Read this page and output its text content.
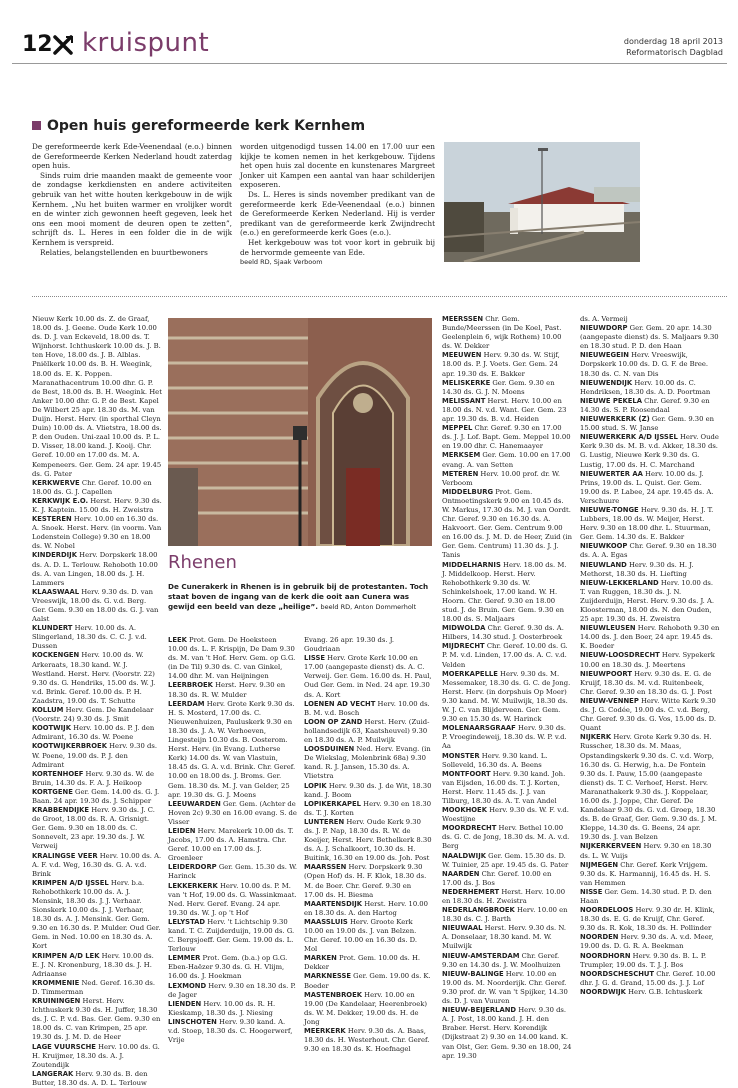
12 kruispunt	donderdag 18 april 2013
Reformatorisch Dagblad
Open huis gereformeerde kerk Kernhem

De gereformeerde kerk Ede-Veenendaal (e.o.) binnen de Gereformeerde Kerken Nederland houdt zaterdag open huis.

Sinds ruim drie maanden maakt de gemeente voor de zondagse kerkdiensten en andere activiteiten gebruik van het witte houten kerkgebouw in de wijk Kernhem. „Nu het buiten warmer en vrolijker wordt en de winter zich gewonnen heeft gegeven, leek het ons een mooi moment de deuren open te zetten”, schrijft ds. L. Heres in een folder die in de wijk Kernhem is verspreid.

Relaties, belangstellenden en buurtbewoners

worden uitgenodigd tussen 14.00 en 17.00 uur een kijkje te komen nemen in het kerkgebouw. Tijdens het open huis zal docente en kunstenares Margreet Jonker uit Kampen een aantal van haar schilderijen exposeren.

Ds. L. Heres is sinds november predikant van de gereformeerde kerk Ede-Veenendaal (e.o.) binnen de Gereformeerde Kerken Nederland. Hij is verder predikant van de gereformeerde kerk Zwijndrecht (e.o.) en gereformeerde kerk Goes (e.o.).

Het kerkgebouw was tot voor kort in gebruik bij de hervormde gemeente van Ede.

beeld RD, Sjaak Verboom

Nieuw Kerk 10.00 ds. Z. de Graaf, 18.00 ds. J. Geene. Oude Kerk 10.00 ds. D. J. van Eckeveld, 18.00 ds. T. Wijnhorst. Ichthuskerk 10.00 ds. J. B. ten Hove, 18.00 ds. J. B. Alblas. Pniëlkerk 10.00 ds. B. H. Weegink, 18.00 ds. E. K. Poppen. Maranathacentrum 10.00 dhr. G. P. de Best, 18.00 ds. B. H. Weegink. Het Anker 10.00 dhr. G. P. de Best. Kapel De Wilbert 25 apr. 18.30 ds. M. van Duijn. Herst. Herv. (in sporthal Cleyn Duin) 10.00 ds. A. Vlietstra, 18.00 ds. P. den Ouden. Uni-zaal 10.00 ds. P. L. D. Visser, 18.00 kand. J. Kooij. Chr. Geref. 10.00 en 17.00 ds. M. A. Kempeneers. Ger. Gem. 24 apr. 19.45 ds. G. Pater

KERKWERVE Chr. Geref. 10.00 en 18.00 ds. G. J. Capellen

KERKWIJK E.O. Herst. Herv. 9.30 ds. K. J. Kaptein. 15.00 ds. H. Zweistra

KESTEREN Herv. 10.00 en 16.30 ds. A. Snoek. Herst. Herv. (in voorm. Van Lodenstein College) 9.30 en 18.00 ds. W. Nobel

KINDERDIJK Herv. Dorpskerk 18.00 ds. A. D. L. Terlouw. Rehoboth 10.00 ds. A. van Lingen, 18.00 ds. J. H. Lammers

KLAASWAAL Herv. 9.30 ds. D. van Vreeswijk, 18.00 ds. G. v.d. Berg. Ger. Gem. 9.30 en 18.00 ds. G. J. van Aalst

KLUNDERT Herv. 10.00 ds. A. Slingerland, 18.30 ds. C. C. J. v.d. Dussen

KOCKENGEN Herv. 10.00 ds. W. Arkeraats, 18.30 kand. W. J. Westland. Herst. Herv. (Voorstr. 22) 9.30 ds. G. Hendriks, 15.00 ds. W. J. v.d. Brink. Geref. 10.00 ds. P. H. Zaadstra, 19.00 ds. T. Schutte

KOLLUM Herv. Gem. De Kandelaar (Voorstr. 24) 9.30 ds. J. Smit

KOOTWIJK Herv. 10.00 ds. P. J. den Admirant, 16.30 ds. W. Poene

KOOTWIJKERBROEK Herv. 9.30 ds. W. Poene, 19.00 ds. P. J. den Admirant

KORTENHOEF Herv. 9.30 ds. W. de Bruin, 14.30 ds. F. A. J. Heikoop

KORTGENE Ger. Gem. 14.00 ds. G. J. Baan. 24 apr. 19.30 ds. J. Schipper

KRABBENDIJKE Herv. 9.30 ds. J. C. de Groot, 18.00 ds. R. A. Grisnigt. Ger. Gem. 9.30 en 18.00 ds. C. Sonnevelt, 23 apr. 19.30 ds. J. W. Verweij

KRALINGSE VEER Herv. 10.00 ds. A. A. F. v.d. Weg, 16.30 ds. G. A. v.d. Brink

KRIMPEN A/D IJSSEL Herv. b.a. Rehobothkerk 10.00 ds. A. J. Mensink, 18.30 ds. J. J. Verhaar. Sionskerk 10.00 ds. J. J. Verhaar, 18.30 ds. A. J. Mensink. Ger. Gem. 9.30 en 16.30 ds. P. Mulder. Oud Ger. Gem. in Ned. 10.00 en 18.30 ds. A. Kort

KRIMPEN A/D LEK Herv. 10.00 ds. E. J. N. Kronenburg, 18.30 ds. J. H. Adriaanse

KROMMENIE Ned. Geref. 16.30 ds. D. Timmerman

KRUININGEN Herst. Herv. Ichthuskerk 9.30 ds. H. Juffer, 18.30 ds. J. C. P. v.d. Bas. Ger. Gem. 9.30 en 18.00 ds. C. van Krimpen, 25 apr. 19.30 ds. J. M. D. de Heer

LAGE VUURSCHE Herv. 10.00 ds. G. H. Kruijmer, 18.30 ds. A. J. Zoutendijk

LANGERAK Herv. 9.30 ds. B. den Butter, 18.30 ds. A. D. L. Terlouw

Rhenen
De Cunerakerk in Rhenen is in gebruik bij de protestanten. Toch staat boven de ingang van de kerk die ooit aan Cunera was gewijd een beeld van deze „heilige”. beeld RD, Anton Dommerholt

LEEK Prot. Gem. De Hoeksteen 10.00 ds. L. F. Krispijn, De Dam 9.30 ds. M. van 't Hof. Herv. Gem. op G.G. (in De Til) 9.30 ds. C. van Ginkel, 14.00 dhr. M. van Heijningen

LEERBROEK Herst. Herv. 9.30 en 18.30 ds. R. W. Mulder

LEERDAM Herv. Grote Kerk 9.30 ds. H. S. Mosterd, 17.00 ds. C. Nieuwenhuizen, Pauluskerk 9.30 en 18.30 ds. J. A. W. Verhoeven, Lingesteijn 10.30 ds. B. Oosterom. Herst. Herv. (in Evang. Lutherse Kerk) 14.00 ds. W. van Vlastuin, 18.45 ds. G. A. v.d. Brink. Chr. Geref. 10.00 en 18.00 ds. J. Broms. Ger. Gem. 18.30 ds. M. J. van Gelder, 25 apr. 19.30 ds. G. J. Moens

LEEUWARDEN Ger. Gem. (Achter de Hoven 2c) 9.30 en 16.00 evang. S. de Visser

LEIDEN Herv. Marekerk 10.00 ds. T. Jacobs, 17.00 ds. A. Hamstra. Chr. Geref. 10.00 en 17.00 ds. J. Groenleer

LEIDERDORP Ger. Gem. 15.30 ds. W. Harinck

LEKKERKERK Herv. 10.00 ds. P. M. van 't Hof, 19.00 ds. G. Wassinkmaat. Ned. Herv. Geref. Evang. 24 apr. 19.30 ds. W. J. op 't Hof

LELYSTAD Herv. 't Lichtschip 9.30 kand. T. C. Zuijderduijn, 19.00 ds. G. C. Bergsjoeff. Ger. Gem. 19.00 ds. L. Terlouw

LEMMER Prot. Gem. (b.a.) op G.G. Eben-Haëzer 9.30 ds. G. H. Vlijm, 16.00 ds. J. Hoekman

LEXMOND Herv. 9.30 en 18.30 ds. P. de Jager

LIENDEN Herv. 10.00 ds. R. H. Kieskamp, 18.30 ds. J. Niesing

LINSCHOTEN Herv. 9.30 kand. A. v.d. Stoep, 18.30 ds. C. Hoogerwerf, Vrije

Evang. 26 apr. 19.30 ds. J. Goudriaan

LISSE Herv. Grote Kerk 10.00 en 17.00 (aangepaste dienst) ds. A. C. Verweij. Ger. Gem. 16.00 ds. H. Paul, Oud Ger. Gem. in Ned. 24 apr. 19.30 ds. A. Kort

LOENEN AD VECHT Herv. 10.00 ds. B. M. v.d. Bosch

LOON OP ZAND Herst. Herv. (Zuid-hollandsedijk 63, Kaatsheuvel) 9.30 en 18.30 ds. A. P. Muilwijk

LOOSDUINEN Ned. Herv. Evang. (in De Wiekslag, Molenbrink 68a) 9.30 kand. R. J. Jansen, 15.30 ds. A. Vlietstra

LOPIK Herv. 9.30 ds. J. de Wit, 18.30 kand. J. Boom

LOPIKERKAPEL Herv. 9.30 en 18.30 ds. T. J. Korten

LUNTEREN Herv. Oude Kerk 9.30 ds. J. P. Nap, 18.30 ds. R. W. de Koeijer, Herst. Herv. Bethelkerk 8.30 ds. A. J. Schalkoort, 10.30 ds. H. Buitink, 16.30 en 19.00 ds. Joh. Post

MAARSSEN Herv. Dorpskerk 9.30 (Open Hof) ds. H. F. Klok, 18.30 ds. M. de Boer. Chr. Geref. 9.30 en 17.00 ds. H. Biesma

MAARTENSDIJK Herst. Herv. 10.00 en 18.30 ds. A. den Hartog

MAASSLUIS Herv. Groote Kerk 10.00 en 19.00 ds. J. van Belzen. Chr. Geref. 10.00 en 16.30 ds. D. Mol

MARKEN Prot. Gem. 10.00 ds. H. Dekker

MARKNESSE Ger. Gem. 19.00 ds. K. Boeder

MASTENBROEK Herv. 10.00 en 19.00 (De Kandelaar, Heerenbroek) ds. W. M. Dekker, 19.00 ds. H. de Jong

MEERKERK Herv. 9.30 ds. A. Baas, 18.30 ds. H. Westerhout. Chr. Geref. 9.30 en 18.30 ds. K. Hoefnagel

MEERSSEN Chr. Gem. Bunde/Meerssen (in De Koel, Past. Geelenplein 6, wijk Rothem) 10.00 ds. W. Dekker

MEEUWEN Herv. 9.30 ds. W. Stijf, 18.00 ds. P. J. Voets. Ger. Gem. 24 apr. 19.30 ds. E. Bakker

MELISKERKE Ger. Gem. 9.30 en 14.30 ds. G. J. N. Moens

MELISSANT Herst. Herv. 10.00 en 18.00 ds. N. v.d. Want. Ger. Gem. 23 apr. 19.30 ds. B. v.d. Heiden

MEPPEL Chr. Geref. 9.30 en 17.00 ds. J. J. Lof. Bapt. Gem. Meppel 10.00 en 19.00 dhr. C. Hanemaayer

MERKSEM Ger. Gem. 10.00 en 17.00 evang. A. van Setten

METEREN Herv. 10.00 prof. dr. W. Verboom

MIDDELBURG Prot. Gem. Ontmoetingskerk 9.00 en 10.45 ds. W. Markus, 17.30 ds. M. J. van Oordt. Chr. Geref. 9.30 en 16.30 ds. A. Hakvoort. Ger. Gem. Centrum 9.00 en 16.00 ds. J. M. D. de Heer, Zuid (in Ger. Gem. Centrum) 11.30 ds. J. J. Tanis

MIDDELHARNIS Herv. 18.00 ds. M. J. Middelkoop. Herst. Herv. Rehobothkerk 9.30 ds. W. Schinkelshoek, 17.00 kand. W. H. Hoorn. Chr. Geref. 9.30 en 18.00 stud. J. de Bruin. Ger. Gem. 9.30 en 18.00 ds. S. Maljaars

MIDWOLDA Chr. Geref. 9.30 ds. A. Hilbers, 14.30 stud. J. Oosterbroek

MIJDRECHT Chr. Geref. 10.00 ds. G. P. M. v.d. Linden, 17.00 ds. A. C. v.d. Velden

MOERKAPELLE Herv. 9.30 ds. M. Messemaker, 18.30 ds. G. C. de Jong. Herst. Herv. (in dorpshuis Op Moer) 9.30 kand. M. W. Muilwijk, 18.30 ds. W. J. C. van Blijderveen. Ger. Gem. 9.30 en 15.30 ds. W. Harinck

MOLENAARSGRAAF Herv. 9.30 ds. P. Vroegindeweij, 18.30 ds. W. P. v.d. Aa

MONSTER Herv. 9.30 kand. L. Solleveld, 16.30 ds. A. Beens

MONTFOORT Herv. 9.30 kand. Joh. van Eijsden, 16.00 ds. T. J. Korten, Herst. Herv. 11.45 ds. J. J. van Tilburg, 18.30 ds. A. T. van Andel

MOOKHOEK Herv. 9.30 ds. W. F. v.d. Woestijne

MOORDRECHT Herv. Bethel 10.00 ds. G. C. de Jong, 18.30 ds. M. A. v.d. Berg

NAALDWIJK Ger. Gem. 15.30 ds. D. W. Tuinier, 25 apr. 19.45 ds. G. Pater

NAARDEN Chr. Geref. 10.00 en 17.00 ds. J. Bos

NEDERHEMERT Herst. Herv. 10.00 en 18.30 ds. H. Zweistra

NEDERLANGBROEK Herv. 10.00 en 18.30 ds. C. J. Barth

NIEUWAAL Herst. Herv. 9.30 ds. N. A. Donselaar, 18.30 kand. M. W. Muilwijk

NIEUW-AMSTERDAM Chr. Geref. 9.30 en 14.30 ds. J. W. Moolhuizen

NIEUW-BALINGE Herv. 10.00 en 19.00 ds. M. Noorderijk. Chr. Geref. 9.30 prof. dr. W. van 't Spijker, 14.30 ds. D. J. van Vuuren

NIEUW-BEIJERLAND Herv. 9.30 ds. A. J. Post, 18.00 kand. J. H. den Braber. Herst. Herv. Korendijk (Dijkstraat 2) 9.30 en 14.00 kand. K. van Olst, Ger. Gem. 9.30 en 18.00, 24 apr. 19.30

ds. A. Vermeij

NIEUWDORP Ger. Gem. 20 apr. 14.30 (aangepaste dienst) ds. S. Maljaars 9.30 en 18.30 stud. P. D. den Haan

NIEUWEGEIN Herv. Vreeswijk, Dorpskerk 10.00 ds. D. G. F. de Bree. 18.30 ds. C. N. van Dis

NIEUWENDIJK Herv. 10.00 ds. C. Hendriksen, 18.30 ds. A. D. Poortman

NIEUWE PEKELA Chr. Geref. 9.30 en 14.30 ds. S. P. Roosendaal

NIEUWERKERK (Z) Ger. Gem. 9.30 en 15.00 stud. S. W. Janse

NIEUWERKERK A/D IJSSEL Herv. Oude Kerk 9.30 ds. M. B. v.d. Akker, 18.30 ds. G. Lustig, Nieuwe Kerk 9.30 ds. G. Lustig, 17.00 ds. H. C. Marchand

NIEUWERTER AA Herv. 10.00 ds. J. Prins, 19.00 ds. L. Quist. Ger. Gem. 19.00 ds. P. Labee, 24 apr. 19.45 ds. A. Verschuure

NIEUWE-TONGE Herv. 9.30 ds. H. J. T. Lubbers, 18.00 ds. W. Meijer, Herst. Herv. 9.30 en 18.00 dhr. L. Stuurman, Ger. Gem. 14.30 ds. E. Bakker

NIEUWKOOP Chr. Geref. 9.30 en 18.30 ds. A. A. Egas

NIEUWLAND Herv. 9.30 ds. H. J. Methorst, 18.30 ds. H. Liefting

NIEUW-LEKKERLAND Herv. 10.00 ds. T. van Ruggen, 18.30 ds. J. N. Zuijderduijn, Herst. Herv. 9.30 ds. J. A. Kloosterman, 18.00 ds. N. den Ouden, 25 apr. 19.30 ds. H. Zweistra

NIEUWLEUSEN Herv. Rehoboth 9.30 en 14.00 ds. J. den Boer, 24 apr. 19.45 ds. K. Boeder

NIEUW-LOOSDRECHT Herv. Sypekerk 10.00 en 18.30 ds. J. Meertens

NIEUWPOORT Herv. 9.30 ds. E. G. de Kruijf, 18.30 ds. M. v.d. Ruitenbeek, Chr. Geref. 9.30 en 18.30 ds. G. J. Post

NIEUW-VENNEP Herv. Witte Kerk 9.30 ds. J. G. Codée, 19.00 ds. C. v.d. Berg, Chr. Geref. 9.30 ds. G. Vos, 15.00 ds. D. Quant

NIJKERK Herv. Grote Kerk 9.30 ds. H. Russcher, 18.30 ds. M. Maas, Opstandingskerk 9.30 ds. C. v.d. Worp, 16.30 ds. G. Herwig, h.a. De Fontein 9.30 ds. I. Pauw, 15.00 (aangepaste dienst) ds. T. C. Verhoef, Herst. Herv. Maranathakerk 9.30 ds. J. Koppelaar, 16.00 ds. J. Joppe, Chr. Geref. De Kandelaar 9.30 ds. G. v.d. Groep, 18.30 ds. B. de Graaf, Ger. Gem. 9.30 ds. J. M. Kleppe, 14.30 ds. G. Beens, 24 apr. 19.30 ds. J. van Belzen

NIJKERKERVEEN Herv. 9.30 en 18.30 ds. L. W. Vuijs

NIJMEGEN Chr. Geref. Kerk Vrijgem. 9.30 ds. K. Harmannij, 16.45 ds. H. S. van Hemmen

NISSE Ger. Gem. 14.30 stud. P. D. den Haan

NOORDELOOS Herv. 9.30 dr. H. Klink, 18.30 ds. E. G. de Kruijf, Chr. Geref. 9.30 ds. R. Kok, 18.30 ds. H. Pollinder

NOORDEN Herv. 9.30 ds. A. v.d. Meer, 19.00 ds. D. G. R. A. Beekman

NOORDHORN Herv. 9.30 ds. B. L. P. Trumpler, 19.00 ds. T. J. J. Bos

NOORDSCHESCHUT Chr. Geref. 10.00 dhr. J. G. d. Grand, 15.00 ds. J. J. Lof

NOORDWIJK Herv. G.B. Ichtuskerk
